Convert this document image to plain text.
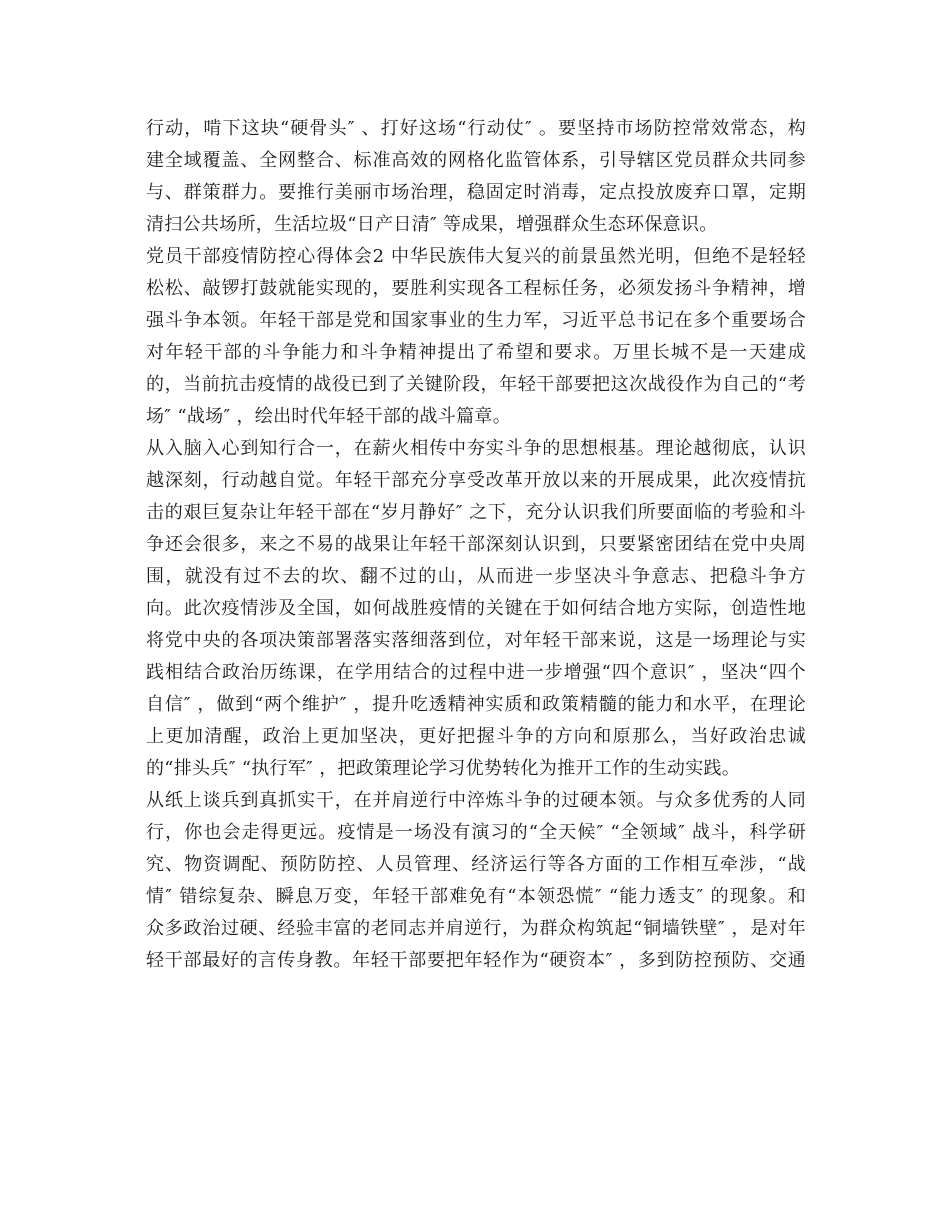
行动，啃下这块“硬骨头″ 、打好这场“行动仗″ 。要坚持市场防控常效常态，构
建全域覆盖、全网整合、标准高效的网格化监管体系，引导辖区党员群众共同参
与、群策群力。要推行美丽市场治理，稳固定时消毒，定点投放废弃口罩，定期
清扫公共场所，生活垃圾“日产日清″ 等成果，增强群众生态环保意识。
党员干部疫情防控心得体会2 中华民族伟大复兴的前景虽然光明，但绝不是轻轻
松松、敲锣打鼓就能实现的，要胜利实现各工程标任务，必须发扬斗争精神，增
强斗争本领。年轻干部是党和国家事业的生力军，习近平总书记在多个重要场合
对年轻干部的斗争能力和斗争精神提出了希望和要求。万里长城不是一天建成
的，当前抗击疫情的战役已到了关键阶段，年轻干部要把这次战役作为自己的“考
场″ “战场″ ，绘出时代年轻干部的战斗篇章。
从入脑入心到知行合一，在薪火相传中夯实斗争的思想根基。理论越彻底，认识
越深刻，行动越自觉。年轻干部充分享受改革开放以来的开展成果，此次疫情抗
击的艰巨复杂让年轻干部在“岁月静好″ 之下，充分认识我们所要面临的考验和斗
争还会很多，来之不易的战果让年轻干部深刻认识到，只要紧密团结在党中央周
围，就没有过不去的坎、翻不过的山，从而进一步坚决斗争意志、把稳斗争方
向。此次疫情涉及全国，如何战胜疫情的关键在于如何结合地方实际，创造性地
将党中央的各项决策部署落实落细落到位，对年轻干部来说，这是一场理论与实
践相结合政治历练课，在学用结合的过程中进一步增强“四个意识″ ，坚决“四个
自信″ ，做到“两个维护″ ，提升吃透精神实质和政策精髓的能力和水平，在理论
上更加清醒，政治上更加坚决，更好把握斗争的方向和原那么，当好政治忠诚
的“排头兵″ “执行军″ ，把政策理论学习优势转化为推开工作的生动实践。
从纸上谈兵到真抓实干，在并肩逆行中淬炼斗争的过硬本领。与众多优秀的人同
行，你也会走得更远。疫情是一场没有演习的“全天候″ “全领域″ 战斗，科学研
究、物资调配、预防防控、人员管理、经济运行等各方面的工作相互牵涉，“战
情″ 错综复杂、瞬息万变，年轻干部难免有“本领恐慌″ “能力透支″ 的现象。和
众多政治过硬、经验丰富的老同志并肩逆行，为群众构筑起“铜墙铁壁″ ，是对年
轻干部最好的言传身教。年轻干部要把年轻作为“硬资本″ ，多到防控预防、交通
